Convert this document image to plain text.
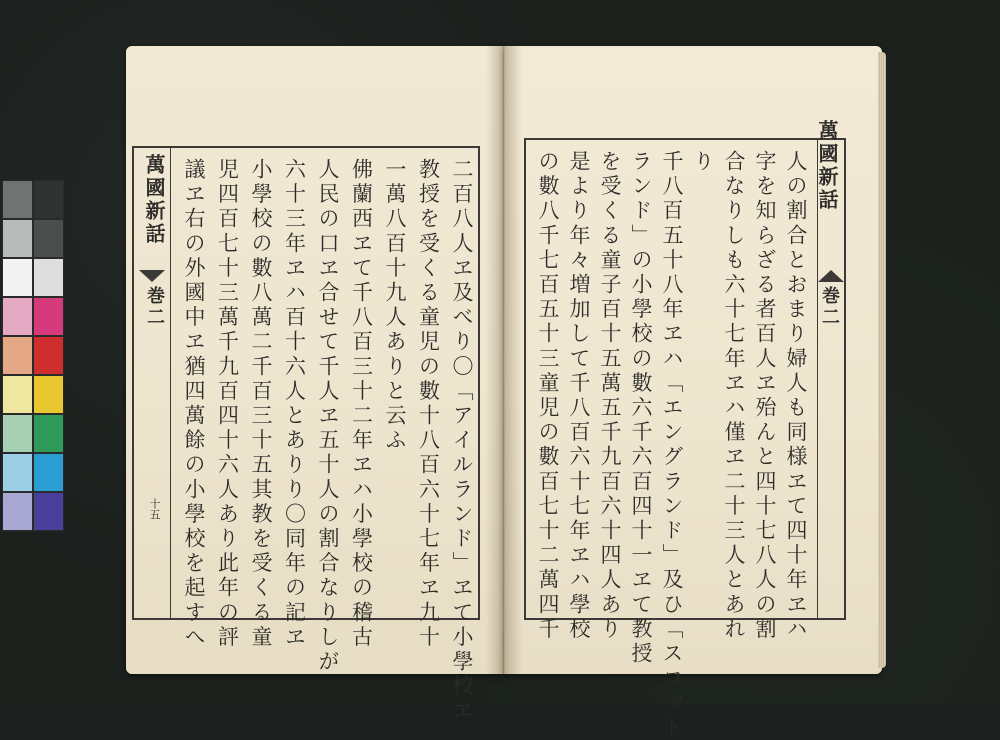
萬國新話
巻二
十五	二百八人ヱ及べり〇「アイルランド」ヱて小學校ヱ
教授を受くる童児の數十八百六十七年ヱ九十
一萬八百十九人ありと云ふ
佛蘭西ヱて千八百三十二年ヱハ小學校の稽古
人民の口ヱ合せて千人ヱ五十人の割合なりしが
六十三年ヱハ百十六人とありり〇同年の記ヱ
小學校の數八萬二千百三十五其教を受くる童
児四百七十三萬千九百四十六人あり此年の評
議ヱ右の外國中ヱ猶四萬餘の小學校を起すへ
　　　　　　　	萬國新話
巻二
人の割合とおまり婦人も同様ヱて四十年ヱハ
字を知らざる者百人ヱ殆んと四十七八人の割
合なりしも六十七年ヱハ僅ヱ二十三人とあれ
り
千八百五十八年ヱハ「エングランド」及ひ「スコット
ランド」の小學校の數六千六百四十一ヱて教授
を受くる童子百十五萬五千九百六十四人あり
是より年々増加して千八百六十七年ヱハ學校
の數八千七百五十三童児の數百七十二萬四千
